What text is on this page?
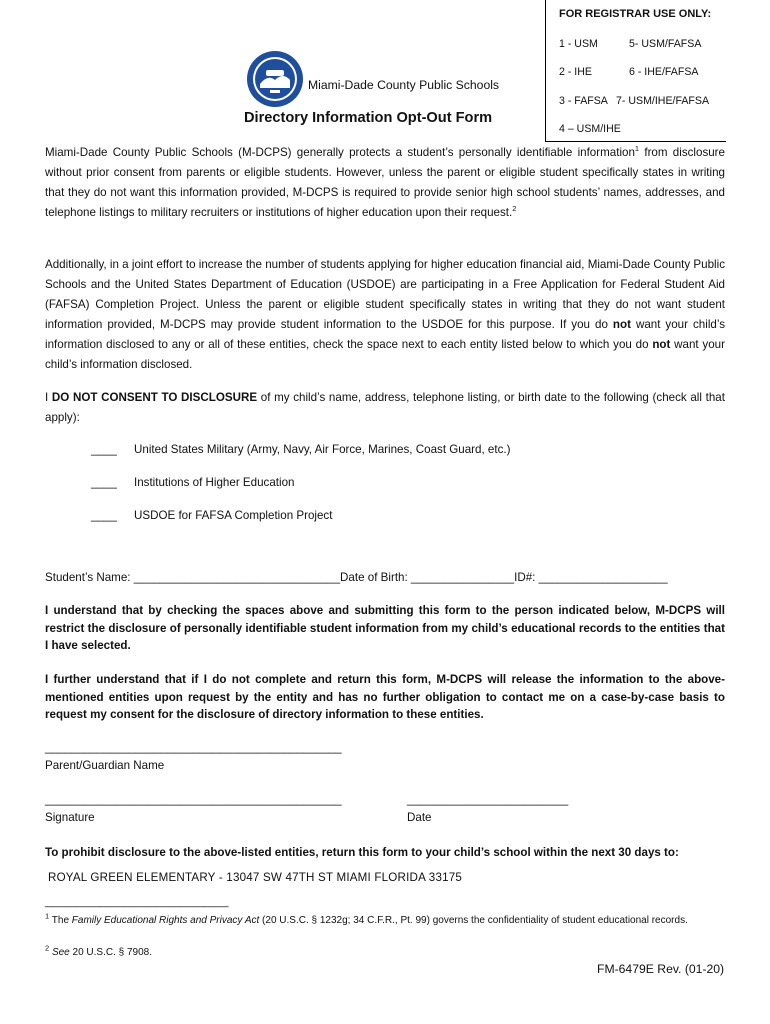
FOR REGISTRAR USE ONLY:
1 - USM	5- USM/FAFSA
2 - IHE	6 - IHE/FAFSA
3 - FAFSA 7- USM/IHE/FAFSA
4 – USM/IHE
Miami-Dade County Public Schools
Directory Information Opt-Out Form
Miami-Dade County Public Schools (M-DCPS) generally protects a student’s personally identifiable information$^1$ from disclosure without prior consent from parents or eligible students. However, unless the parent or eligible student specifically states in writing that they do not want this information provided, M-DCPS is required to provide senior high school students’ names, addresses, and telephone listings to military recruiters or institutions of higher education upon their request.$^2$
Additionally, in a joint effort to increase the number of students applying for higher education financial aid, Miami-Dade County Public Schools and the United States Department of Education (USDOE) are participating in a Free Application for Federal Student Aid (FAFSA) Completion Project. Unless the parent or eligible student specifically states in writing that they do not want student information provided, M-DCPS may provide student information to the USDOE for this purpose. If you do not want your child’s information disclosed to any or all of these entities, check the space next to each entity listed below to which you do not want your child’s information disclosed.
I DO NOT CONSENT TO DISCLOSURE of my child’s name, address, telephone listing, or birth date to the following (check all that apply):
____ United States Military (Army, Navy, Air Force, Marines, Coast Guard, etc.)
____ Institutions of Higher Education
____ USDOE for FAFSA Completion Project
Student’s Name: ________________________________Date of Birth: ________________ID#: ____________________
I understand that by checking the spaces above and submitting this form to the person indicated below, M-DCPS will restrict the disclosure of personally identifiable student information from my child’s educational records to the entities that I have selected.
I further understand that if I do not complete and return this form, M-DCPS will release the information to the above-mentioned entities upon request by the entity and has no further obligation to contact me on a case-by-case basis to request my consent for the disclosure of directory information to these entities.
______________________________________________
Parent/Guardian Name
______________________________________________
Signature
_________________________
Date
To prohibit disclosure to the above-listed entities, return this form to your child’s school within the next 30 days to:
ROYAL GREEN ELEMENTARY - 13047 SW 47TH ST MIAMI FLORIDA 33175
______________________________
$^1$ The Family Educational Rights and Privacy Act (20 U.S.C. § 1232g; 34 C.F.R., Pt. 99) governs the confidentiality of student educational records.
$^2$ See 20 U.S.C. § 7908.
FM-6479E Rev. (01-20)
